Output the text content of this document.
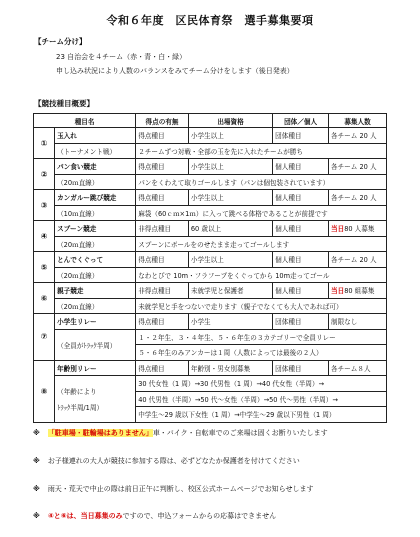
令和６年度　区民体育祭　選手募集要項
【チーム分け】
23 自治会を４チーム（赤・青・白・緑）
申し込み状況により人数のバランスをみてチーム分けをします（後日発表）
【競技種目概要】
種目名		得点の有無	出場資格	団体／個人	募集人数
①	玉入れ	得点種目	小学生以上	団体種目	各チーム 20 人
	（トーナメント戦）	２チームずつ対戦・全部の玉を先に入れたチームが勝ち			
②	パン食い競走	得点種目	小学生以上	個人種目	各チーム 20 人
	（20ｍ直線）	パンをくわえて取りゴールします（パンは個包装されています）			
③	カンガルー跳び競走	得点種目	小学生以上	個人種目	各チーム 20 人
	（10ｍ直線）	麻袋（60ｃｍ×1ｍ）に入って跳べる体格であることが前提です			
④	スプーン競走	非得点種目	60 歳以上	個人種目	当日80 人募集
	（20ｍ直線）	スプーンにボールをのせたまま走ってゴールします			
⑤	とんでくぐって	得点種目	小学生以上	個人種目	各チーム 20 人
	（20ｍ直線）	なわとびで 10m・フラフープをくぐってから 10m走ってゴール			
⑥	親子競走	非得点種目	未就学児と保護者	個人種目	当日80 組募集
	（20ｍ直線）	未就学児と手をつないで走ります（親子でなくても大人であれば可）			
⑦	小学生リレー	得点種目	小学生	団体種目	制限なし
	（全員がﾄﾗｯｸ半周）	１・２年生、３・４年生、５・６年生の３カテゴリーで全員リレー			
		５・６年生のみアンカーは１周（人数によっては最後の２人）			
⑧	年齢別リレー	得点種目	年齢別・男女別募集	団体種目	各チーム８人

	（年齢により
ﾄﾗｯｸ半周/1周）	30 代女性（1 周）→30 代男性（1 周）→40 代女性（半周）→			
		40 代男性（半周）→50 代～女性（半周）→50 代～男性（半周）→			
		中学生～29 歳以下女性（1 周）→中学生～29 歳以下男性（1 周）			
※ 「駐車場・駐輪場はありません」車・バイク・自転車でのご来場は固くお断りいたします
※ お子様連れの大人が競技に参加する際は、必ずどなたか保護者を付けてください
※ 雨天・荒天で中止の際は前日正午に判断し、校区公式ホームページでお知らせします
※ ④と⑥は、当日募集のみですので、申込フォームからの応募はできません
